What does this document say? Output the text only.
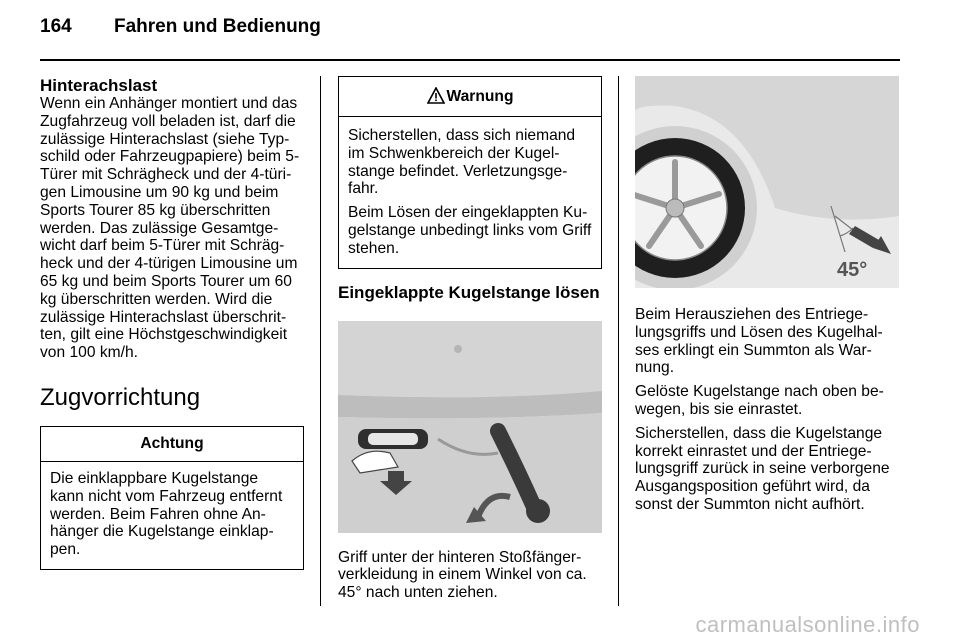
164 Fahren und Bedienung
Hinterachslast
Wenn ein Anhänger montiert und das Zugfahrzeug voll beladen ist, darf die zulässige Hinterachslast (siehe Typ-schild oder Fahrzeugpapiere) beim 5-Türer mit Schrägheck und der 4-türi-gen Limousine um 90 kg und beim Sports Tourer 85 kg überschritten werden. Das zulässige Gesamtge-wicht darf beim 5-Türer mit Schräg-heck und der 4-türigen Limousine um 65 kg und beim Sports Tourer um 60 kg überschritten werden. Wird die zulässige Hinterachslast überschrit-ten, gilt eine Höchstgeschwindigkeit von 100 km/h.
Zugvorrichtung
Achtung
Die einklappbare Kugelstange kann nicht vom Fahrzeug entfernt werden. Beim Fahren ohne An-hänger die Kugelstange einklap-pen.
Warnung
Sicherstellen, dass sich niemand im Schwenkbereich der Kugel-stange befindet. Verletzungsge-fahr.
Beim Lösen der eingeklappten Ku-gelstange unbedingt links vom Griff stehen.
Eingeklappte Kugelstange lösen
Griff unter der hinteren Stoßfänger-verkleidung in einem Winkel von ca. 45° nach unten ziehen.
45°
Beim Herausziehen des Entriege-lungsgriffs und Lösen des Kugelhal-ses erklingt ein Summton als War-nung.
Gelöste Kugelstange nach oben be-wegen, bis sie einrastet.
Sicherstellen, dass die Kugelstange korrekt einrastet und der Entriege-lungsgriff zurück in seine verborgene Ausgangsposition geführt wird, da sonst der Summton nicht aufhört.
carmanualsonline.info
